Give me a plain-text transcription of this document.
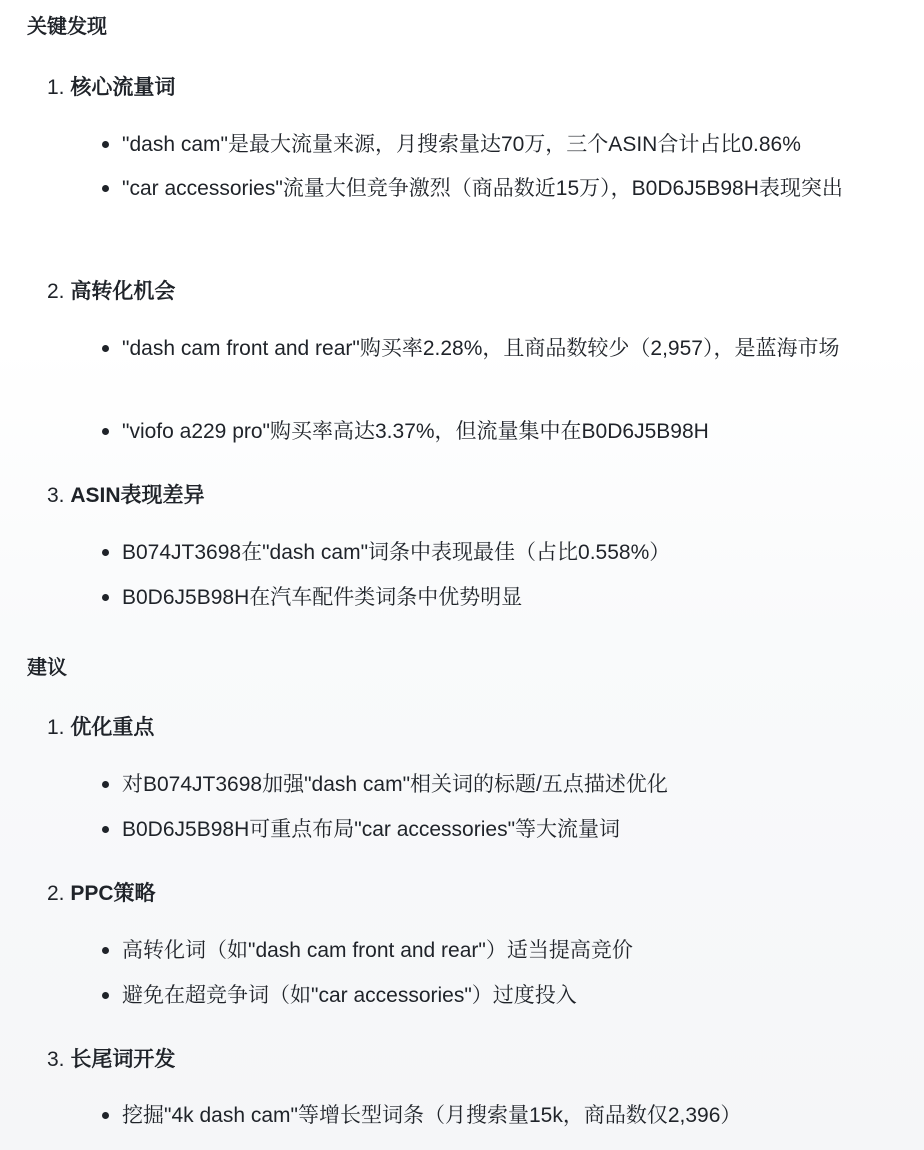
关键发现
1. 核心流量词
"dash cam"是最大流量来源，月搜索量达70万，三个ASIN合计占比0.86%
"car accessories"流量大但竞争激烈（商品数近15万），B0D6J5B98H表现突出
2. 高转化机会
"dash cam front and rear"购买率2.28%，且商品数较少（2,957），是蓝海市场
"viofo a229 pro"购买率高达3.37%，但流量集中在B0D6J5B98H
3. ASIN表现差异
B074JT3698在"dash cam"词条中表现最佳（占比0.558%）
B0D6J5B98H在汽车配件类词条中优势明显
建议
1. 优化重点
对B074JT3698加强"dash cam"相关词的标题/五点描述优化
B0D6J5B98H可重点布局"car accessories"等大流量词
2. PPC策略
高转化词（如"dash cam front and rear"）适当提高竞价
避免在超竞争词（如"car accessories"）过度投入
3. 长尾词开发
挖掘"4k dash cam"等增长型词条（月搜索量15k，商品数仅2,396）
